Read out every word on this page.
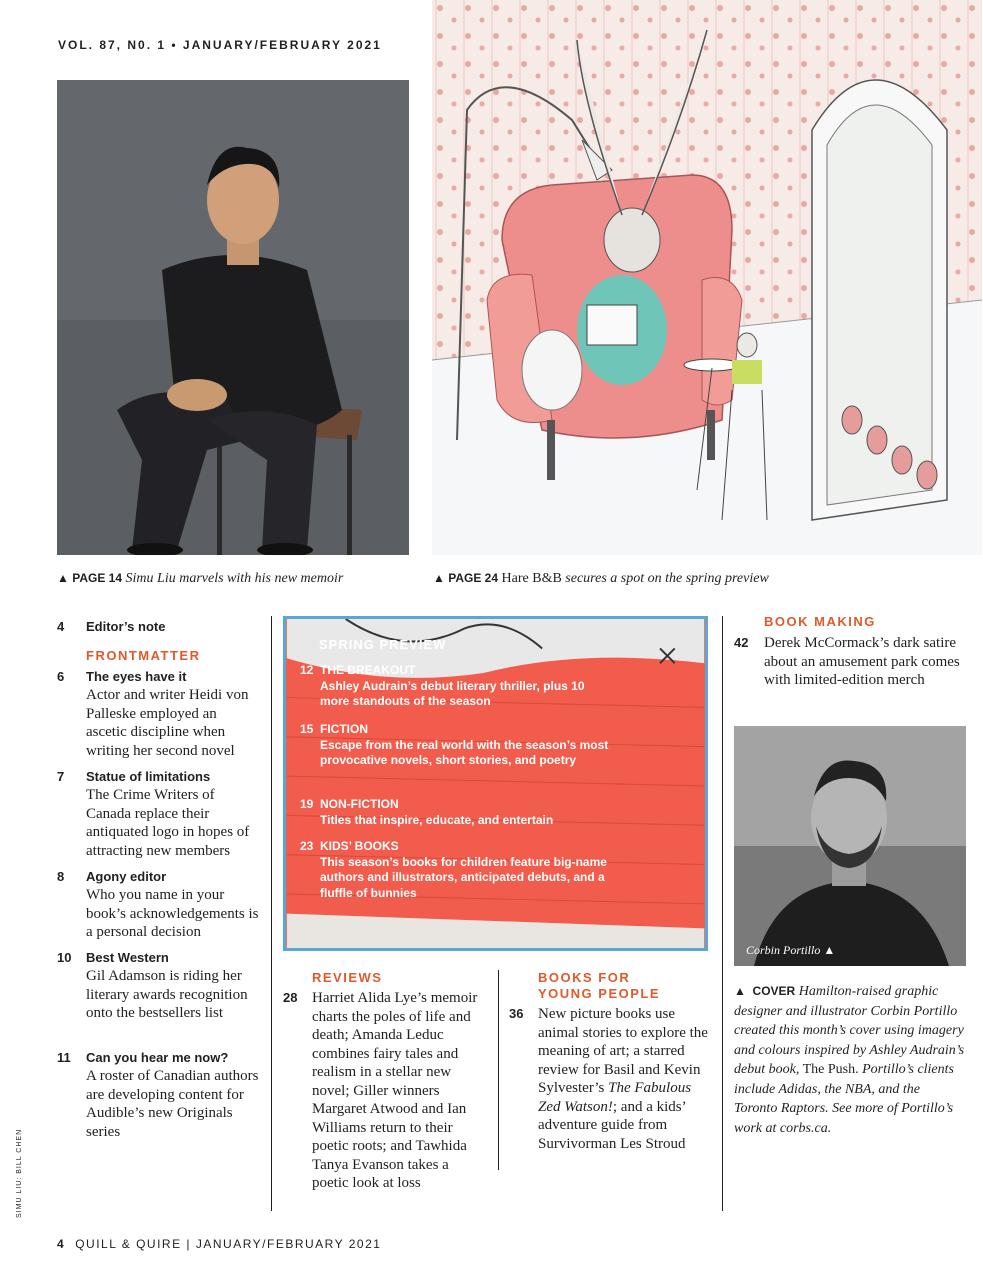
VOL. 87, N0. 1 • JANUARY/FEBRUARY 2021
▲ PAGE 14 Simu Liu marvels with his new memoir	▲ PAGE 24 Hare B&B secures a spot on the spring preview
4 Editor’s note
FRONTMATTER
6 The eyes have it
Actor and writer Heidi von Palleske employed an ascetic discipline when writing her second novel
7 Statue of limitations
The Crime Writers of Canada replace their antiquated logo in hopes of attracting new members
8 Agony editor
Who you name in your book’s acknowledgements is a personal decision
10 Best Western
Gil Adamson is riding her literary awards recognition onto the bestsellers list
11 Can you hear me now?
A roster of Canadian authors are developing content for Audible’s new Originals series
SPRING PREVIEW
12 THE BREAKOUT
Ashley Audrain’s debut literary thriller, plus 10 more standouts of the season
15 FICTION
Escape from the real world with the season’s most provocative novels, short stories, and poetry
19 NON-FICTION
Titles that inspire, educate, and entertain
23 KIDS’ BOOKS
This season’s books for children feature big-name authors and illustrators, anticipated debuts, and a fluffle of bunnies
REVIEWS
28 Harriet Alida Lye’s memoir charts the poles of life and death; Amanda Leduc combines fairy tales and realism in a stellar new novel; Giller winners Margaret Atwood and Ian Williams return to their poetic roots; and Tawhida Tanya Evanson takes a poetic look at loss
BOOKS FOR
YOUNG PEOPLE
36 New picture books use animal stories to explore the meaning of art; a starred review for Basil and Kevin Sylvester’s The Fabulous Zed Watson!; and a kids’ adventure guide from Survivorman Les Stroud
BOOK MAKING
42 Derek McCormack’s dark satire about an amusement park comes with limited-edition merch
Corbin Portillo ▲
▲  COVER Hamilton-raised graphic designer and illustrator Corbin Portillo created this month’s cover using imagery and colours inspired by Ashley Audrain’s debut book, The Push. Portillo’s clients include Adidas, the NBA, and the Toronto Raptors. See more of Portillo’s work at corbs.ca.
SIMU LIU: BILL CHEN
4 QUILL & QUIRE | JANUARY/FEBRUARY 2021
